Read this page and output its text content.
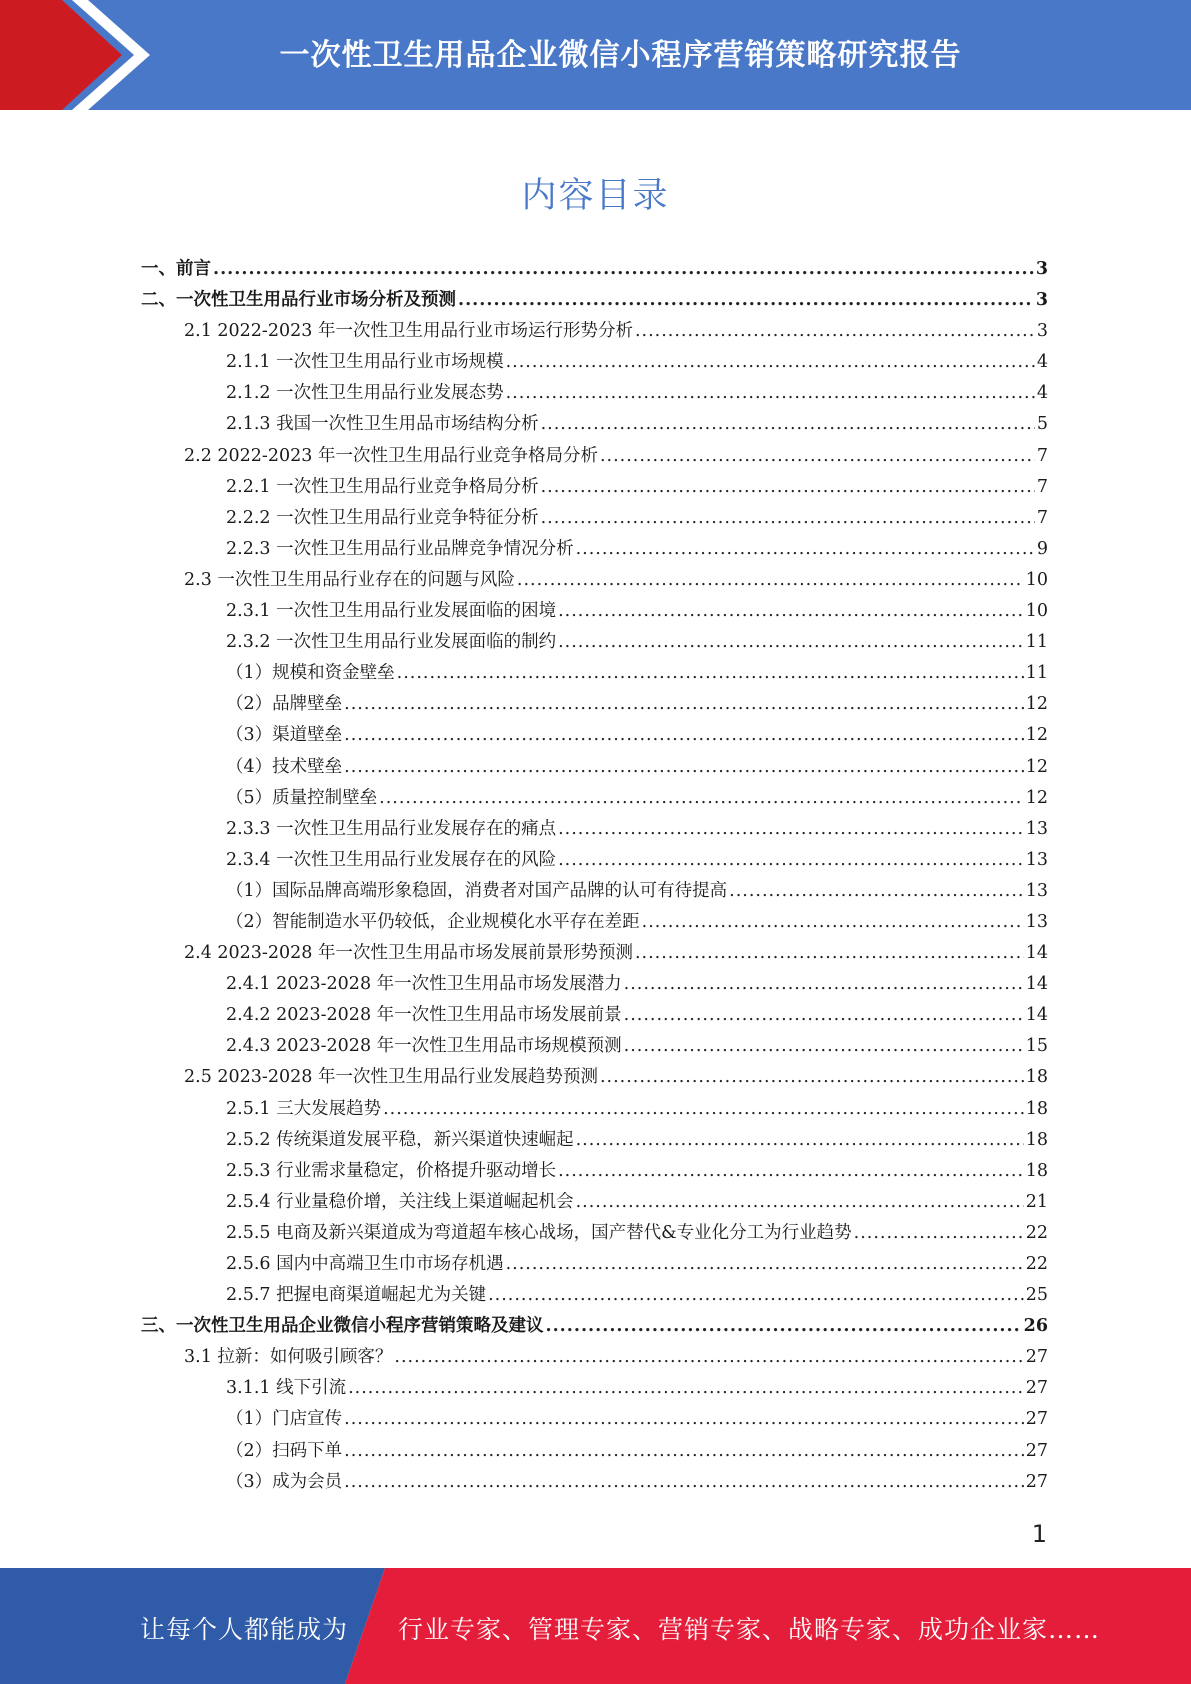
一次性卫生用品企业微信小程序营销策略研究报告
内容目录
一、前言 .....	3
二、一次性卫生用品行业市场分析及预测 .....	3
2.1 2022-2023 年一次性卫生用品行业市场运行形势分析 .....	3
2.1.1 一次性卫生用品行业市场规模 .....	4
2.1.2 一次性卫生用品行业发展态势 .....	4
2.1.3 我国一次性卫生用品市场结构分析 .....	5
2.2 2022-2023 年一次性卫生用品行业竞争格局分析 .....	7
2.2.1 一次性卫生用品行业竞争格局分析 .....	7
2.2.2 一次性卫生用品行业竞争特征分析 .....	7
2.2.3 一次性卫生用品行业品牌竞争情况分析 .....	9
2.3 一次性卫生用品行业存在的问题与风险 .....	10
2.3.1 一次性卫生用品行业发展面临的困境 .....	10
2.3.2 一次性卫生用品行业发展面临的制约 .....	11
（1）规模和资金壁垒 .....	11
（2）品牌壁垒 .....	12
（3）渠道壁垒 .....	12
（4）技术壁垒 .....	12
（5）质量控制壁垒 .....	12
2.3.3 一次性卫生用品行业发展存在的痛点 .....	13
2.3.4 一次性卫生用品行业发展存在的风险 .....	13
（1）国际品牌高端形象稳固，消费者对国产品牌的认可有待提高 .....	13
（2）智能制造水平仍较低，企业规模化水平存在差距 .....	13
2.4 2023-2028 年一次性卫生用品市场发展前景形势预测 .....	14
2.4.1 2023-2028 年一次性卫生用品市场发展潜力 .....	14
2.4.2 2023-2028 年一次性卫生用品市场发展前景 .....	14
2.4.3 2023-2028 年一次性卫生用品市场规模预测 .....	15
2.5 2023-2028 年一次性卫生用品行业发展趋势预测 .....	18
2.5.1 三大发展趋势 .....	18
2.5.2 传统渠道发展平稳，新兴渠道快速崛起 .....	18
2.5.3 行业需求量稳定，价格提升驱动增长 .....	18
2.5.4 行业量稳价增，关注线上渠道崛起机会 .....	21
2.5.5 电商及新兴渠道成为弯道超车核心战场，国产替代&专业化分工为行业趋势 .....	22
2.5.6 国内中高端卫生巾市场存机遇 .....	22
2.5.7 把握电商渠道崛起尤为关键 .....	25
三、一次性卫生用品企业微信小程序营销策略及建议 .....	26
3.1 拉新：如何吸引顾客？ .....	27
3.1.1 线下引流 .....	27
（1）门店宣传 .....	27
（2）扫码下单 .....	27
（3）成为会员 .....	27
1
让每个人都能成为 行业专家、管理专家、营销专家、战略专家、成功企业家……
